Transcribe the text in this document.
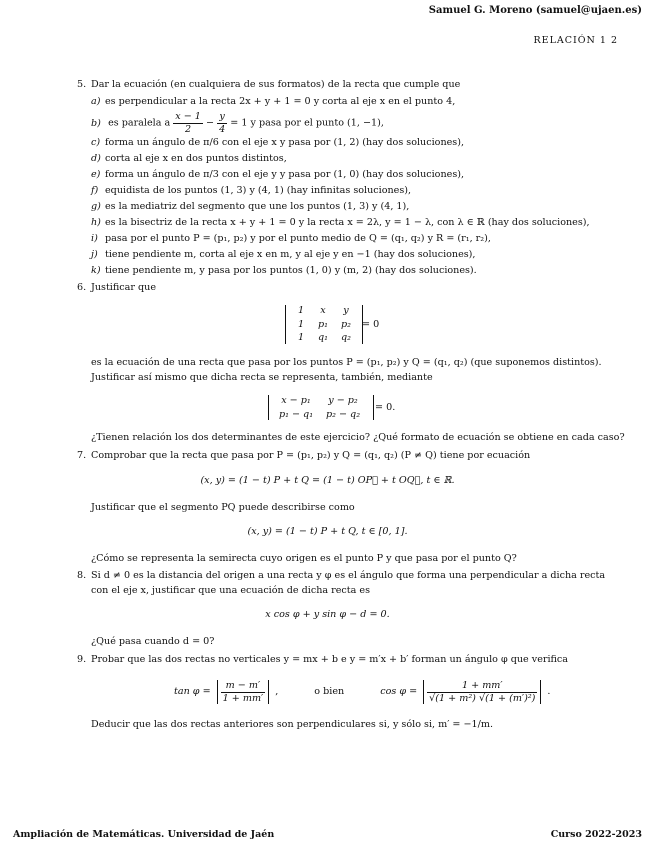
Samuel G. Moreno (samuel@ujaen.es)
RELACIÓN 1 2
5. Dar la ecuación (en cualquiera de sus formatos) de la recta que cumple que
a) es perpendicular a la recta 2x + y + 1 = 0 y corta al eje x en el punto 4,
b) es paralela a $\frac{x - 1}{2} - \frac{y}{4} = 1$ y pasa por el punto (1, −1),
c) forma un ángulo de π/6 con el eje x y pasa por (1, 2) (hay dos soluciones),
d) corta al eje x en dos puntos distintos,
e) forma un ángulo de π/3 con el eje y y pasa por (1, 0) (hay dos soluciones),
f) equidista de los puntos (1, 3) y (4, 1) (hay infinitas soluciones),
g) es la mediatriz del segmento que une los puntos (1, 3) y (4, 1),
h) es la bisectriz de la recta x + y + 1 = 0 y la recta x = 2λ, y = 1 − λ, con λ ∈ ℝ (hay dos soluciones),
i) pasa por el punto P = (p₁, p₂) y por el punto medio de Q = (q₁, q₂) y R = (r₁, r₂),
j) tiene pendiente m, corta al eje x en m, y al eje y en −1 (hay dos soluciones),
k) tiene pendiente m, y pasa por los puntos (1, 0) y (m, 2) (hay dos soluciones).
6. Justificar que
1	x	y
1	p₁	p₂
1	q₁	q₂
= 0
es la ecuación de una recta que pasa por los puntos P = (p₁, p₂) y Q = (q₁, q₂) (que suponemos distintos).
Justificar así mismo que dicha recta se representa, también, mediante
x − p₁	y − p₂
p₁ − q₁	p₂ − q₂
= 0.
¿Tienen relación los dos determinantes de este ejercicio? ¿Qué formato de ecuación se obtiene en cada caso?
7. Comprobar que la recta que pasa por P = (p₁, p₂) y Q = (q₁, q₂) (P ≠ Q) tiene por ecuación
(x, y) = (1 − t) P + t Q = (1 − t) OP⃗ + t OQ⃗, t ∈ ℝ.
Justificar que el segmento PQ puede describirse como
(x, y) = (1 − t) P + t Q, t ∈ [0, 1].
¿Cómo se representa la semirecta cuyo origen es el punto P y que pasa por el punto Q?
8. Si d ≠ 0 es la distancia del origen a una recta y φ es el ángulo que forma una perpendicular a dicha recta
con el eje x, justificar que una ecuación de dicha recta es
x cos φ + y sin φ − d = 0.
¿Qué pasa cuando d = 0?
9. Probar que las dos rectas no verticales y = mx + b e y = m′x + b′ forman un ángulo φ que verifica
$\tan \varphi = \frac{m - m'}{1 + mm'}$ ,	o bien	$\cos \varphi = \frac{1 + mm'}{\text{√(1 + m²) √(1 + (m′)²)}}$ .
Deducir que las dos rectas anteriores son perpendiculares si, y sólo si, m′ = −1/m.
Ampliación de Matemáticas. Universidad de Jaén	Curso 2022-2023
